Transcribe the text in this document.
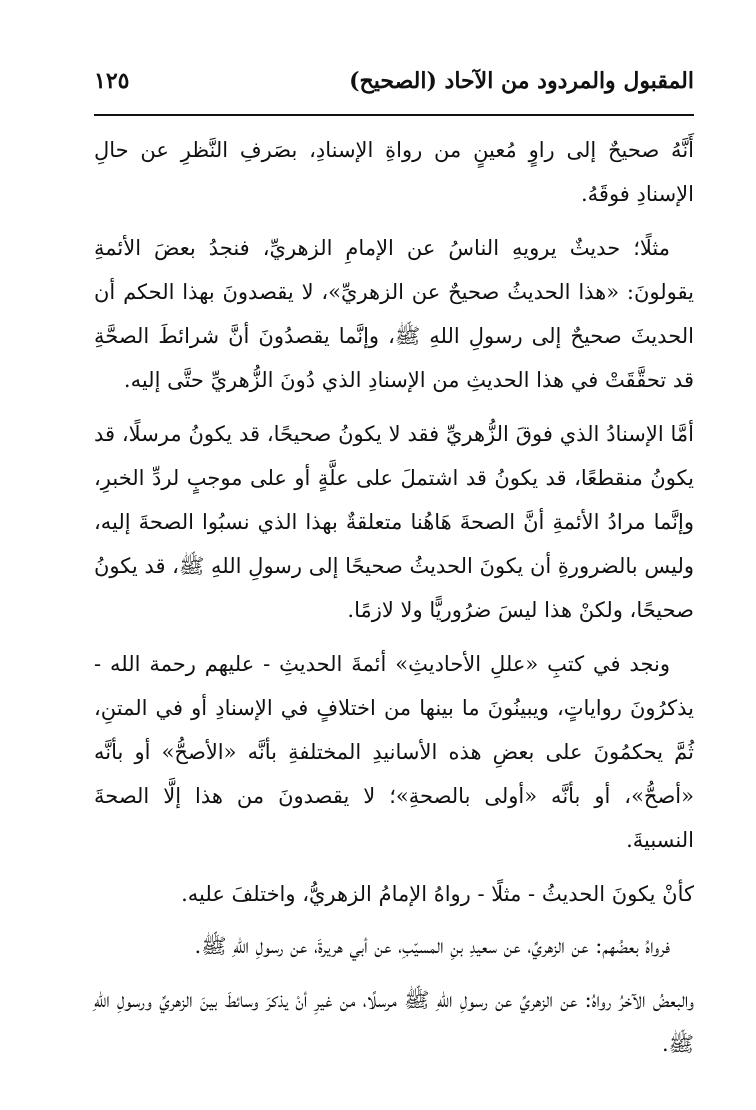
المقبول والمردود من الآحاد (الصحيح)
١٢٥

أَنَّهُ صحيحٌ إلى راوٍ مُعينٍ من رواةِ الإسنادِ، بصَرفِ النَّظرِ عن حالِ الإسنادِ فوقَهُ.

مثلًا؛ حديثٌ يرويهِ الناسُ عن الإمامِ الزهريِّ، فنجدُ بعضَ الأئمةِ يقولونَ: «هذا الحديثُ صحيحٌ عن الزهريِّ»، لا يقصدونَ بهذا الحكم أن الحديثَ صحيحٌ إلى رسولِ اللهِ ﷺ، وإنَّما يقصدُونَ أنَّ شرائطَ الصحَّةِ قد تحقَّقَتْ في هذا الحديثِ من الإسنادِ الذي دُونَ الزُّهريِّ حتَّى إليه.

أمَّا الإسنادُ الذي فوقَ الزُّهريِّ فقد لا يكونُ صحيحًا، قد يكونُ مرسلًا، قد يكونُ منقطعًا، قد يكونُ قد اشتملَ على علَّةٍ أو على موجبٍ لردِّ الخبرِ، وإنَّما مرادُ الأئمةِ أنَّ الصحةَ هَاهُنا متعلقةٌ بهذا الذي نسبُوا الصحةَ إليه، وليس بالضرورةِ أن يكونَ الحديثُ صحيحًا إلى رسولِ اللهِ ﷺ، قد يكونُ صحيحًا، ولكنْ هذا ليسَ ضرُوريًّا ولا لازمًا.

ونجد في كتبِ «عللِ الأحاديثِ» أئمةَ الحديثِ - عليهم رحمة الله - يذكرُونَ رواياتٍ، ويبينُونَ ما بينها من اختلافٍ في الإسنادِ أو في المتنِ، ثُمَّ يحكمُونَ على بعضِ هذه الأسانيدِ المختلفةِ بأنَّه «الأصحُّ» أو بأنَّه «أصحُّ»، أو بأنَّه «أولى بالصحةِ»؛ لا يقصدونَ من هذا إلَّا الصحةَ النسبيةَ.

كأنْ يكونَ الحديثُ - مثلًا - رواهُ الإمامُ الزهريُّ، واختلفَ عليه.

فرواهُ بعضُهم: عن الزهريِّ، عن سعيدِ بنِ المسيّبِ، عن أبي هريرةَ، عن رسولِ اللهِ ﷺ.

والبعضُ الآخرُ رواهُ: عن الزهريِّ عن رسولِ اللهِ ﷺ مرسلًا، من غيرِ أنْ يذكرَ وسائطَ بينَ الزهريِّ ورسولِ اللهِ ﷺ.
